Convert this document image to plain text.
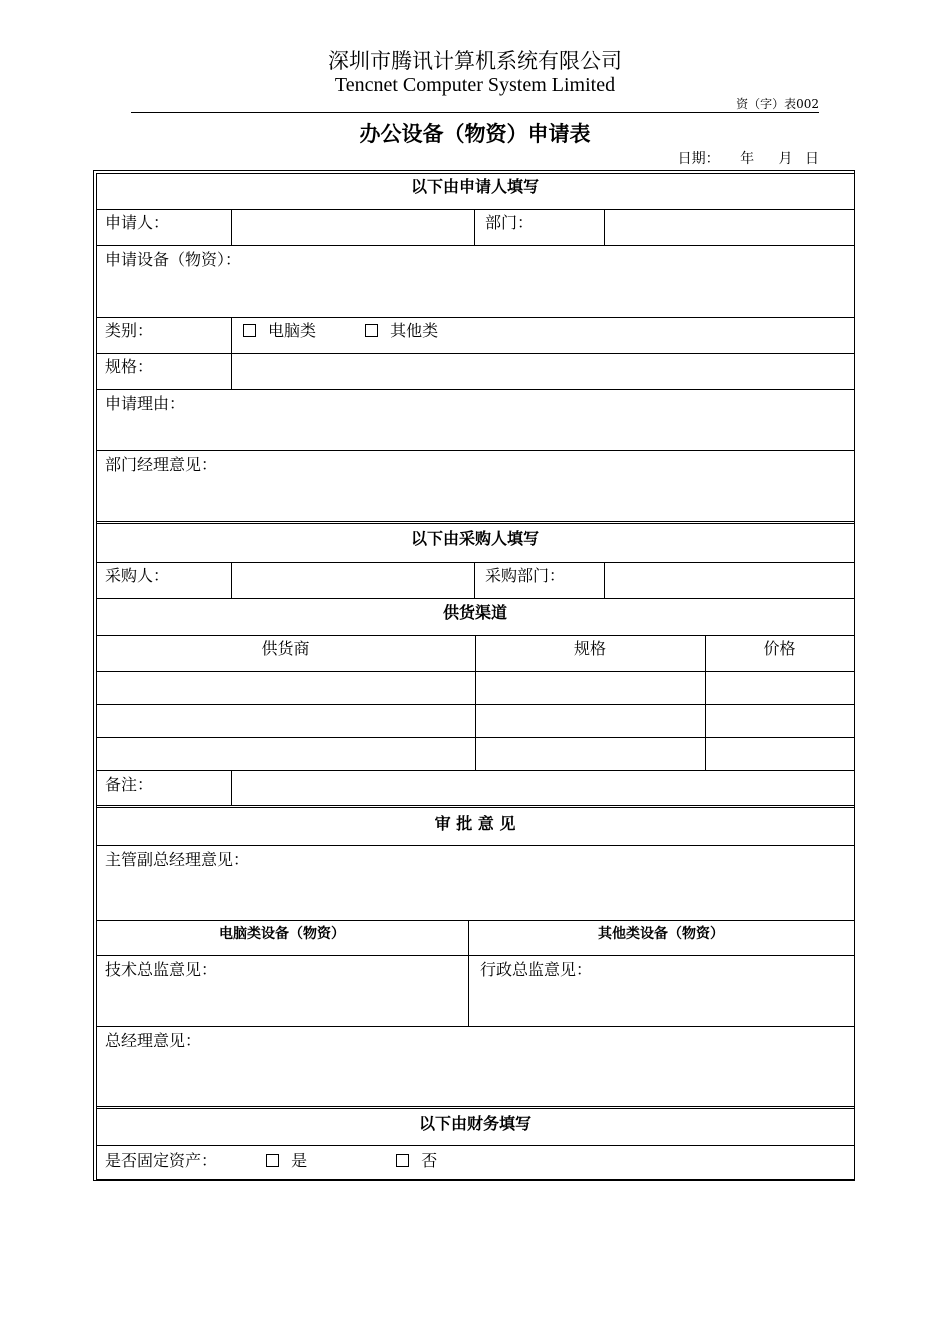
深圳市腾讯计算机系统有限公司
Tencnet Computer System Limited
资（字）表002
办公设备（物资）申请表
日期： 年 月 日
以下由申请人填写
申请人：	部门：
申请设备（物资）：
类别：	电脑类	其他类
规格：
申请理由：
部门经理意见：
以下由采购人填写
采购人：	采购部门：
供货渠道
供货商	规格	价格
备注：
审 批 意 见
主管副总经理意见：
电脑类设备（物资）	其他类设备（物资）
技术总监意见：	行政总监意见：
总经理意见：
以下由财务填写
是否固定资产：	是	否
